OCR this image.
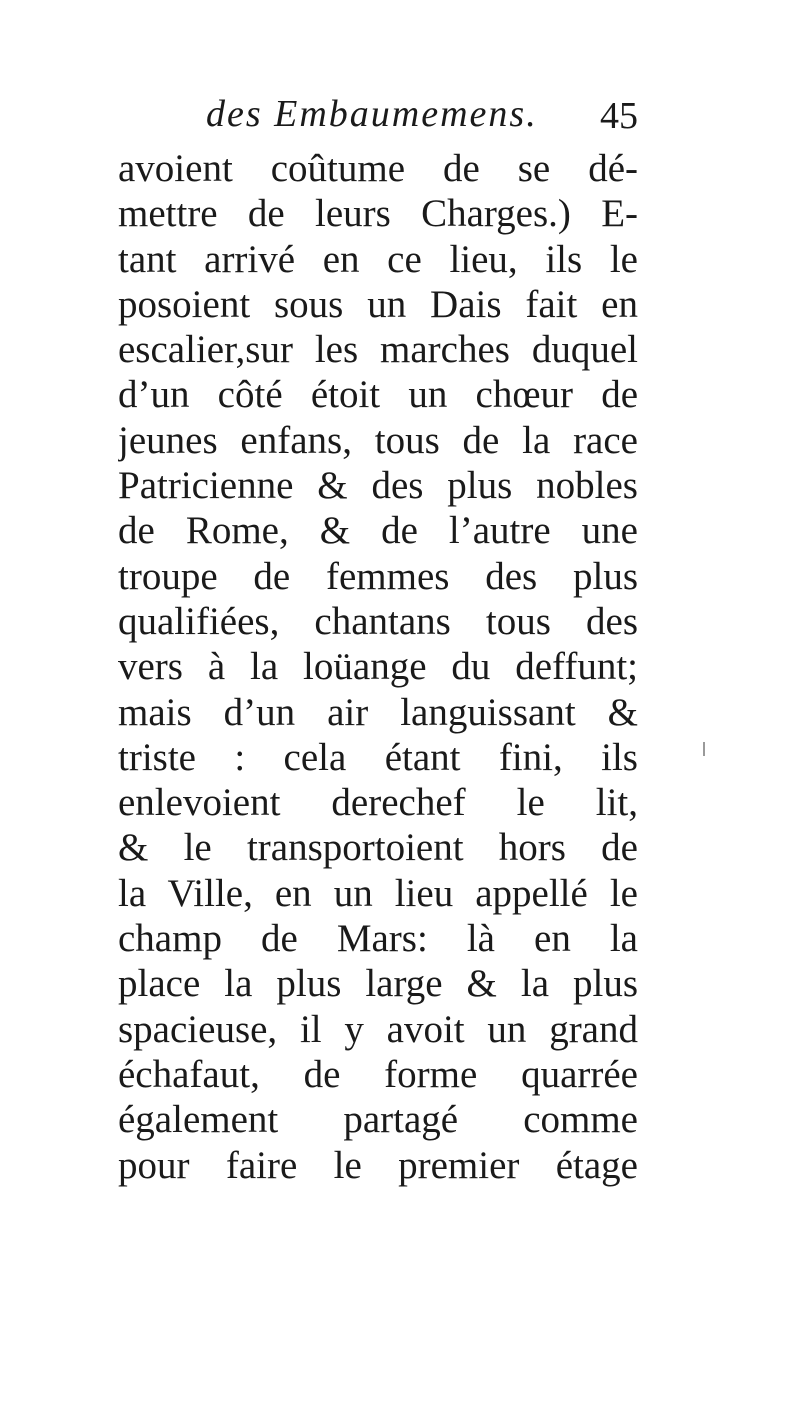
des Embaumemens. 45
avoient coûtume de se dé-
mettre de leurs Charges.) E-
tant arrivé en ce lieu, ils le
posoient sous un Dais fait en
escalier,sur les marches duquel
d’un côté étoit un chœur de
jeunes enfans, tous de la race
Patricienne & des plus nobles
de Rome, & de l’autre une
troupe de femmes des plus
qualifiées, chantans tous des
vers à la loüange du deffunt;
mais d’un air languissant &
triste : cela étant fini, ils
enlevoient derechef le lit,
& le transportoient hors de
la Ville, en un lieu appellé le
champ de Mars: là en la
place la plus large & la plus
spacieuse, il y avoit un grand
échafaut, de forme quarrée
également partagé comme
pour faire le premier étage
